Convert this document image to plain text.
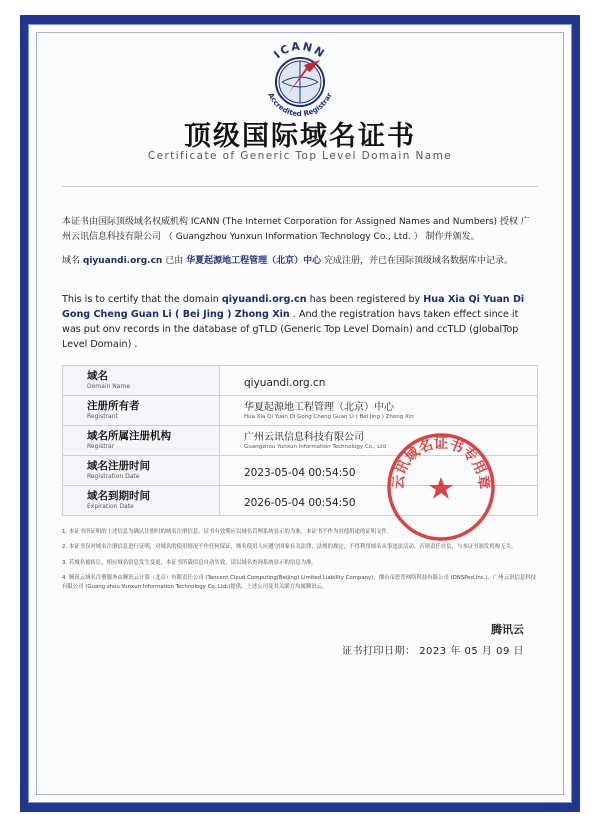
ICANN
Accredited Registrar
顶级国际域名证书
Certificate of Generic Top Level Domain Name
本证书由国际顶级域名权威机构 ICANN (The Internet Corporation for Assigned Names and Numbers) 授权 广州云讯信息科技有限公司 （ Guangzhou Yunxun Information Technology Co., Ltd. ） 制作并颁发。
域名 qiyuandi.org.cn 已由 华夏起源地工程管理（北京）中心 完成注册，并已在国际顶级域名数据库中记录。
This is to certify that the domain qiyuandi.org.cn has been registered by Hua Xia Qi Yuan Di Gong Cheng Guan Li ( Bei Jing ) Zhong Xin . And the registration havs taken effect since it was put onv records in the database of gTLD (Generic Top Level Domain) and ccTLD (globalTop Level Domain) .
域名
Domain Name	qiyuandi.org.cn

注册所有者
Registrant	华夏起源地工程管理（北京）中心
Hua Xia Qi Yuan Di Gong Cheng Guan Li ( Bei Jing ) Zhong Xin

域名所属注册机构
Registrar	广州云讯信息科技有限公司
Guangzhou Yunxun Information Technology Co., Ltd

域名注册时间
Registration Date	2023-05-04 00:54:50

域名到期时间
Expiration Date	2026-05-04 00:54:50
云讯域名证书专用章
1. 本证书所证明的上述信息为确认注册时的域名注册信息，证书有效期应以域名管理系统显示的为准，本证书不作为其他用途的证明文件。
2. 本证书仅对域名注册信息进行证明，对域名的使用情况不作任何保证，域名使用人应遵守国家有关法律、法规的规定，不得利用域名从事违法活动，否则责任自负，与本证书颁发机构无关。
3. 若域名被转让，相应域名信息发生变更，本证书所载信息自动失效，请以域名查询系统显示的信息为准。
4. 腾讯云域名注册服务由腾讯云计算（北京）有限责任公司 (Tencent Cloud Computing(Beijing) Limited Liability Company)、烟台帝思普网络科技有限公司 (DNSPod,Inc.)、广州云讯信息科技有限公司 (Guang zhou Yunxun Information Technology Co.,Ltd.)提供，上述公司及其关联方均属腾讯云。
腾讯云
证书打印日期： 2023 年 05 月 09 日
